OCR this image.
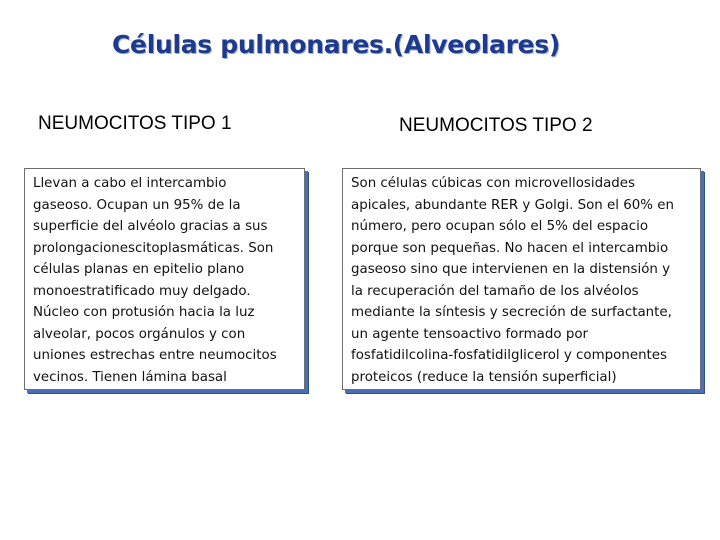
Células pulmonares.(Alveolares)
NEUMOCITOS TIPO 1	NEUMOCITOS TIPO 2
Llevan a cabo el intercambio
gaseoso. Ocupan un 95% de la
superficie del alvéolo gracias a sus
prolongacionescitoplasmáticas. Son
células planas en epitelio plano
monoestratificado muy delgado.
Núcleo con protusión hacia la luz
alveolar, pocos orgánulos y con
uniones estrechas entre neumocitos
vecinos. Tienen lámina basal
Son células cúbicas con microvellosidades
apicales, abundante RER y Golgi. Son el 60% en
número, pero ocupan sólo el 5% del espacio
porque son pequeñas. No hacen el intercambio
gaseoso sino que intervienen en la distensión y
la recuperación del tamaño de los alvéolos
mediante la síntesis y secreción de surfactante,
un agente tensoactivo formado por
fosfatidilcolina-fosfatidilglicerol y componentes
proteicos (reduce la tensión superficial)
